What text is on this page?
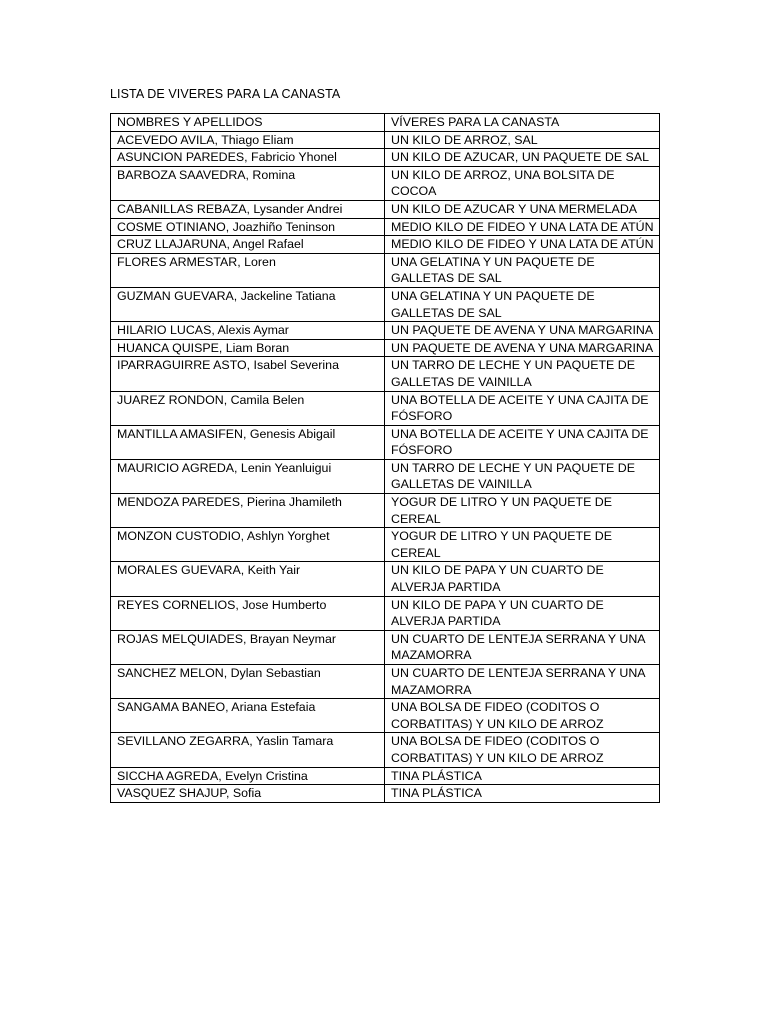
LISTA DE VIVERES PARA LA CANASTA
NOMBRES Y APELLIDOS	VÍVERES PARA LA CANASTA
ACEVEDO AVILA, Thiago Eliam	UN KILO DE ARROZ, SAL
ASUNCION PAREDES, Fabricio Yhonel	UN KILO DE AZUCAR, UN PAQUETE DE SAL
BARBOZA SAAVEDRA, Romina	UN KILO DE ARROZ, UNA BOLSITA DE COCOA
CABANILLAS REBAZA, Lysander Andrei	UN KILO DE AZUCAR Y UNA MERMELADA
COSME OTINIANO, Joazhiño Teninson	MEDIO KILO DE FIDEO Y UNA LATA DE ATÚN
CRUZ LLAJARUNA, Angel Rafael	MEDIO KILO DE FIDEO Y UNA LATA DE ATÚN
FLORES ARMESTAR, Loren	UNA GELATINA Y UN PAQUETE DE GALLETAS DE SAL
GUZMAN GUEVARA, Jackeline Tatiana	UNA GELATINA Y UN PAQUETE DE GALLETAS DE SAL
HILARIO LUCAS, Alexis Aymar	UN PAQUETE DE AVENA Y UNA MARGARINA
HUANCA QUISPE, Liam Boran	UN PAQUETE DE AVENA Y UNA MARGARINA
IPARRAGUIRRE ASTO, Isabel Severina	UN TARRO DE LECHE Y UN PAQUETE DE GALLETAS DE VAINILLA
JUAREZ RONDON, Camila Belen	UNA BOTELLA DE ACEITE Y UNA CAJITA DE FÓSFORO
MANTILLA AMASIFEN, Genesis Abigail	UNA BOTELLA DE ACEITE Y UNA CAJITA DE FÓSFORO
MAURICIO AGREDA, Lenin Yeanluigui	UN TARRO DE LECHE Y UN PAQUETE DE GALLETAS DE VAINILLA
MENDOZA PAREDES, Pierina Jhamileth	YOGUR DE LITRO Y UN PAQUETE DE CEREAL
MONZON CUSTODIO, Ashlyn Yorghet	YOGUR DE LITRO Y UN PAQUETE DE CEREAL
MORALES GUEVARA, Keith Yair	UN KILO DE PAPA Y UN CUARTO DE ALVERJA PARTIDA
REYES CORNELIOS, Jose Humberto	UN KILO DE PAPA Y UN CUARTO DE ALVERJA PARTIDA
ROJAS MELQUIADES, Brayan Neymar	UN CUARTO DE LENTEJA SERRANA Y UNA MAZAMORRA
SANCHEZ MELON, Dylan Sebastian	UN CUARTO DE LENTEJA SERRANA Y UNA MAZAMORRA
SANGAMA BANEO, Ariana Estefaia	UNA BOLSA DE FIDEO (CODITOS O CORBATITAS) Y UN KILO DE ARROZ
SEVILLANO ZEGARRA, Yaslin Tamara	UNA BOLSA DE FIDEO (CODITOS O CORBATITAS) Y UN KILO DE ARROZ
SICCHA AGREDA, Evelyn Cristina	TINA PLÁSTICA
VASQUEZ SHAJUP, Sofia	TINA PLÁSTICA
